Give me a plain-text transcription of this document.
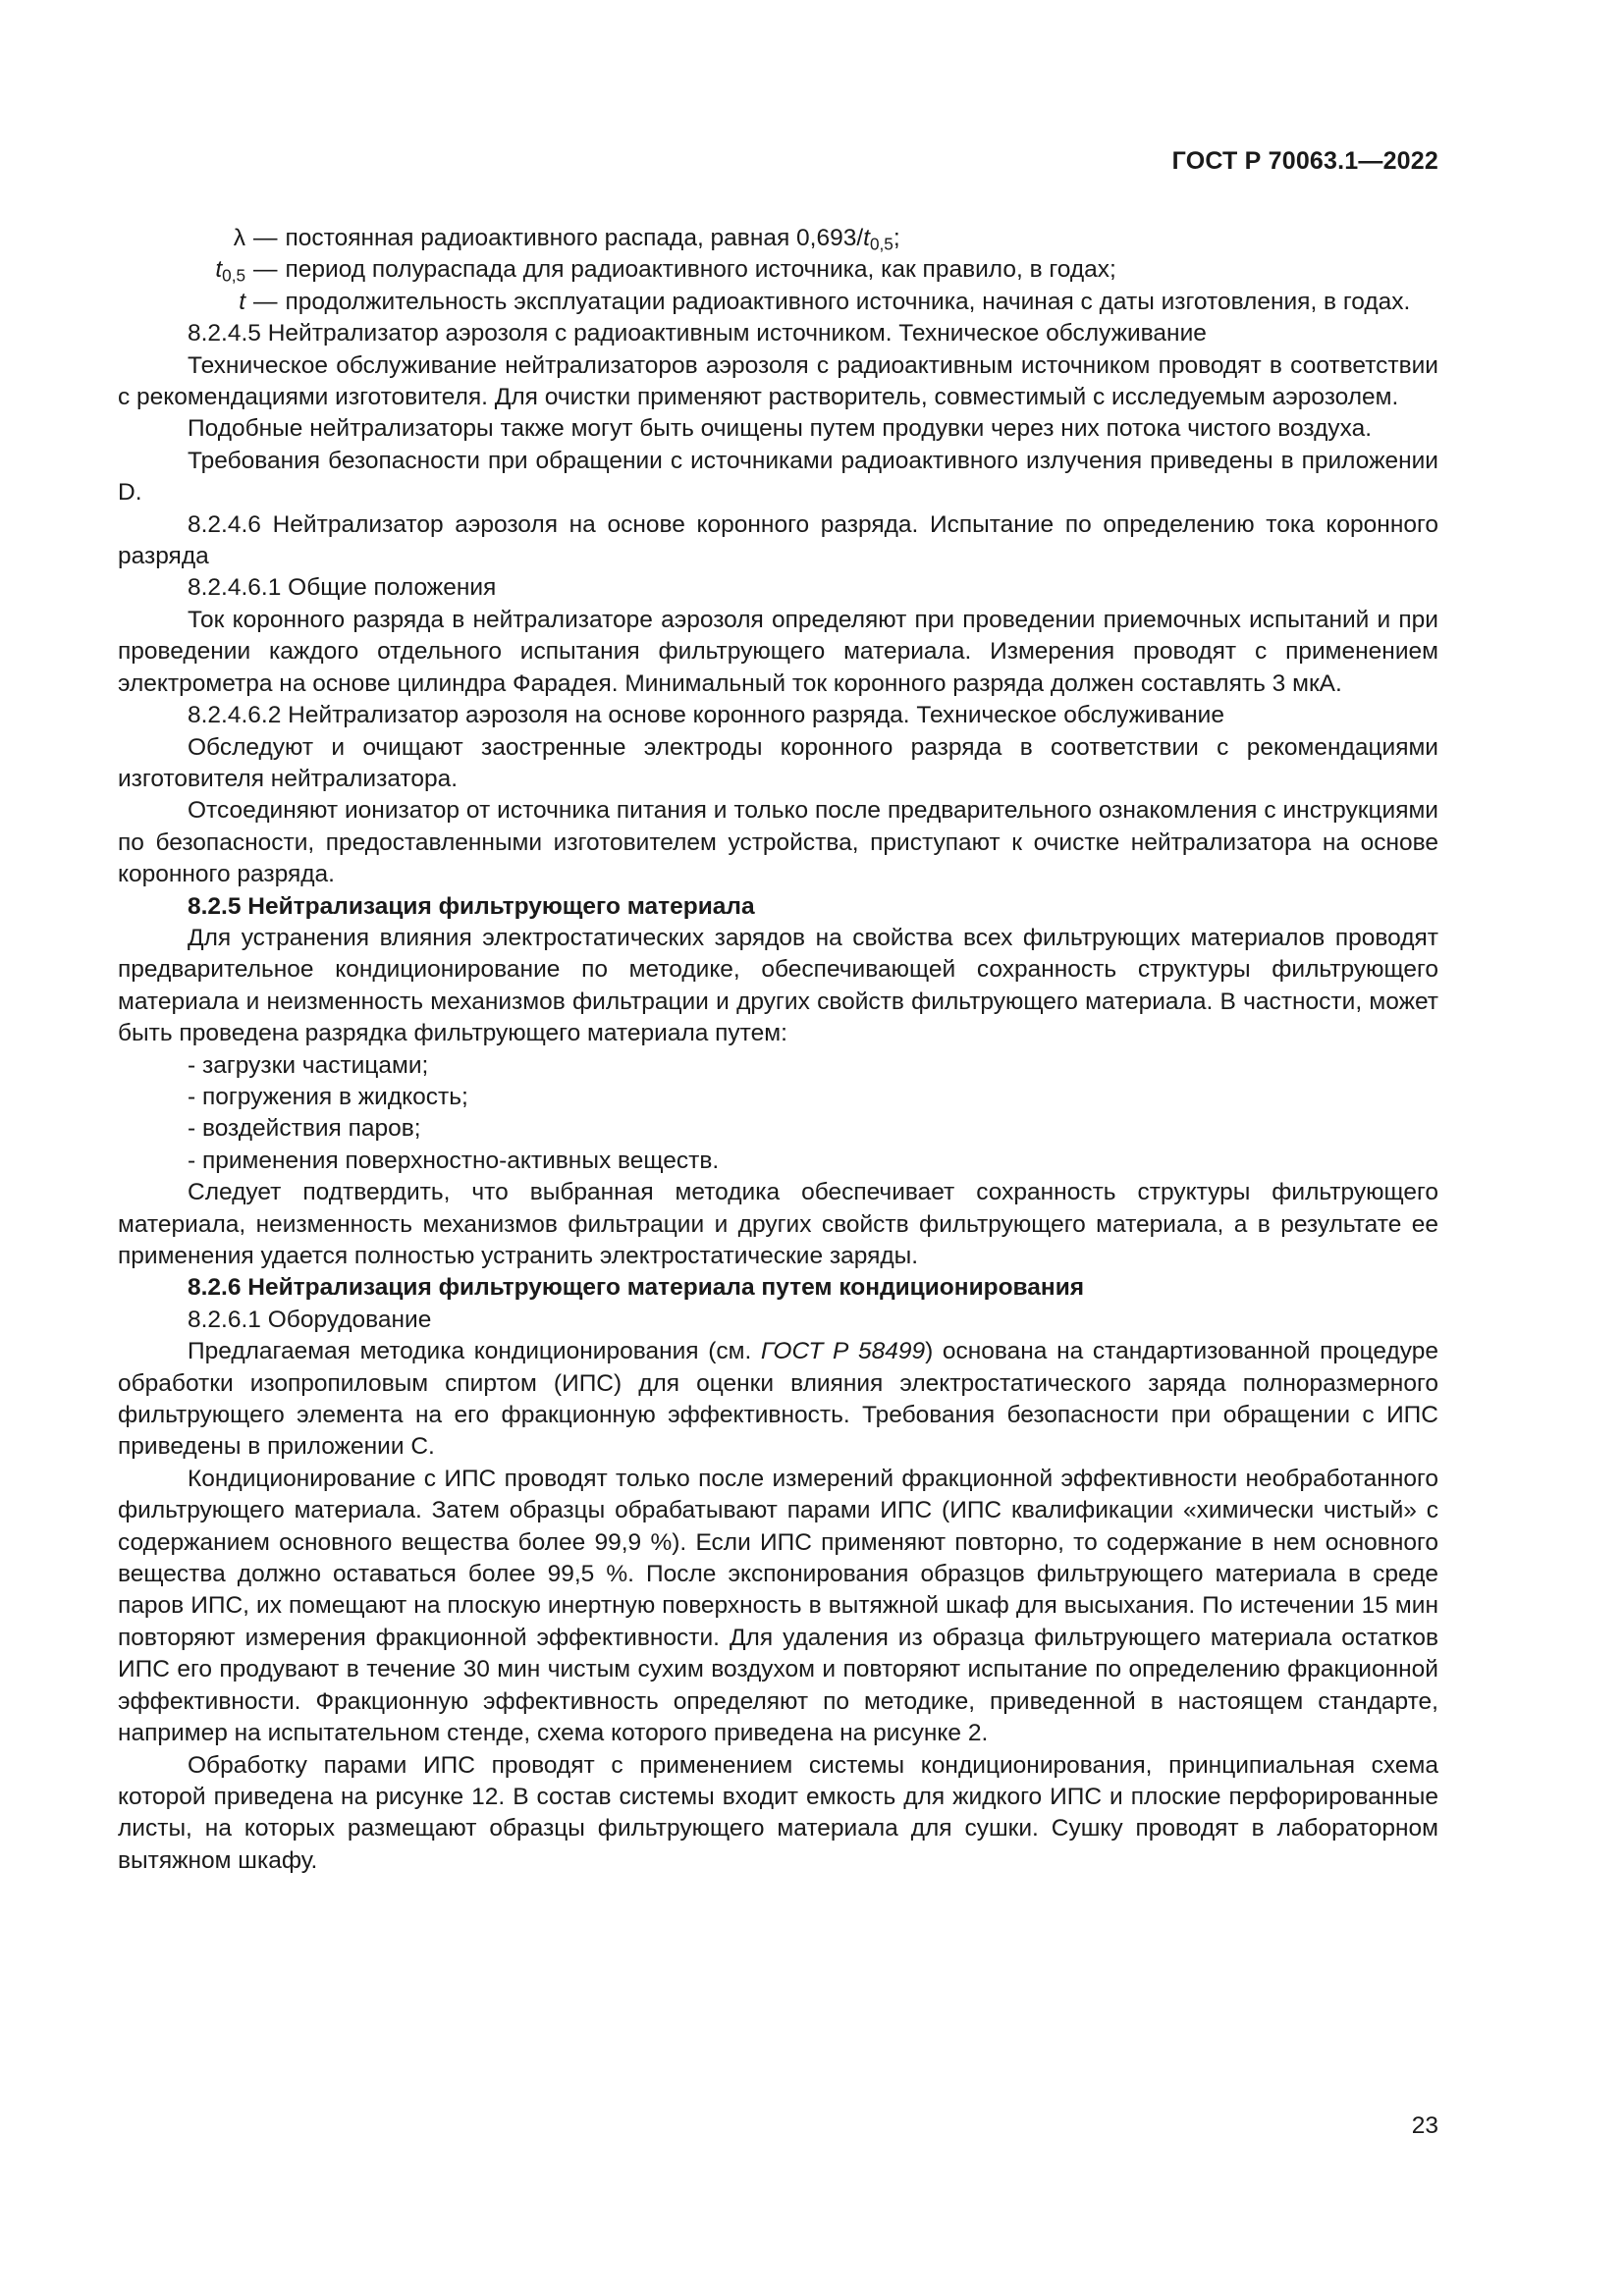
ГОСТ Р 70063.1—2022
λ — постоянная радиоактивного распада, равная $0,693/t_{0,5}$;
$t_{0,5}$ — период полураспада для радиоактивного источника, как правило, в годах;
t — продолжительность эксплуатации радиоактивного источника, начиная с даты изготовления, в годах.

8.2.4.5 Нейтрализатор аэрозоля с радиоактивным источником. Техническое обслуживание

Техническое обслуживание нейтрализаторов аэрозоля с радиоактивным источником проводят в соответствии с рекомендациями изготовителя. Для очистки применяют растворитель, совместимый с исследуемым аэрозолем.

Подобные нейтрализаторы также могут быть очищены путем продувки через них потока чистого воздуха.

Требования безопасности при обращении с источниками радиоактивного излучения приведены в приложении D.

8.2.4.6 Нейтрализатор аэрозоля на основе коронного разряда. Испытание по определению тока коронного разряда

8.2.4.6.1 Общие положения

Ток коронного разряда в нейтрализаторе аэрозоля определяют при проведении приемочных испытаний и при проведении каждого отдельного испытания фильтрующего материала. Измерения проводят с применением электрометра на основе цилиндра Фарадея. Минимальный ток коронного разряда должен составлять 3 мкА.

8.2.4.6.2 Нейтрализатор аэрозоля на основе коронного разряда. Техническое обслуживание

Обследуют и очищают заостренные электроды коронного разряда в соответствии с рекомендациями изготовителя нейтрализатора.

Отсоединяют ионизатор от источника питания и только после предварительного ознакомления с инструкциями по безопасности, предоставленными изготовителем устройства, приступают к очистке нейтрализатора на основе коронного разряда.

8.2.5 Нейтрализация фильтрующего материала

Для устранения влияния электростатических зарядов на свойства всех фильтрующих материалов проводят предварительное кондиционирование по методике, обеспечивающей сохранность структуры фильтрующего материала и неизменность механизмов фильтрации и других свойств фильтрующего материала. В частности, может быть проведена разрядка фильтрующего материала путем:

- загрузки частицами;

- погружения в жидкость;

- воздействия паров;

- применения поверхностно-активных веществ.

Следует подтвердить, что выбранная методика обеспечивает сохранность структуры фильтрующего материала, неизменность механизмов фильтрации и других свойств фильтрующего материала, а в результате ее применения удается полностью устранить электростатические заряды.

8.2.6 Нейтрализация фильтрующего материала путем кондиционирования

8.2.6.1 Оборудование

Предлагаемая методика кондиционирования (см. ГОСТ Р 58499) основана на стандартизованной процедуре обработки изопропиловым спиртом (ИПС) для оценки влияния электростатического заряда полноразмерного фильтрующего элемента на его фракционную эффективность. Требования безопасности при обращении с ИПС приведены в приложении С.

Кондиционирование с ИПС проводят только после измерений фракционной эффективности необработанного фильтрующего материала. Затем образцы обрабатывают парами ИПС (ИПС квалификации «химически чистый» с содержанием основного вещества более 99,9 %). Если ИПС применяют повторно, то содержание в нем основного вещества должно оставаться более 99,5 %. После экспонирования образцов фильтрующего материала в среде паров ИПС, их помещают на плоскую инертную поверхность в вытяжной шкаф для высыхания. По истечении 15 мин повторяют измерения фракционной эффективности. Для удаления из образца фильтрующего материала остатков ИПС его продувают в течение 30 мин чистым сухим воздухом и повторяют испытание по определению фракционной эффективности. Фракционную эффективность определяют по методике, приведенной в настоящем стандарте, например на испытательном стенде, схема которого приведена на рисунке 2.

Обработку парами ИПС проводят с применением системы кондиционирования, принципиальная схема которой приведена на рисунке 12. В состав системы входит емкость для жидкого ИПС и плоские перфорированные листы, на которых размещают образцы фильтрующего материала для сушки. Сушку проводят в лабораторном вытяжном шкафу.

23
